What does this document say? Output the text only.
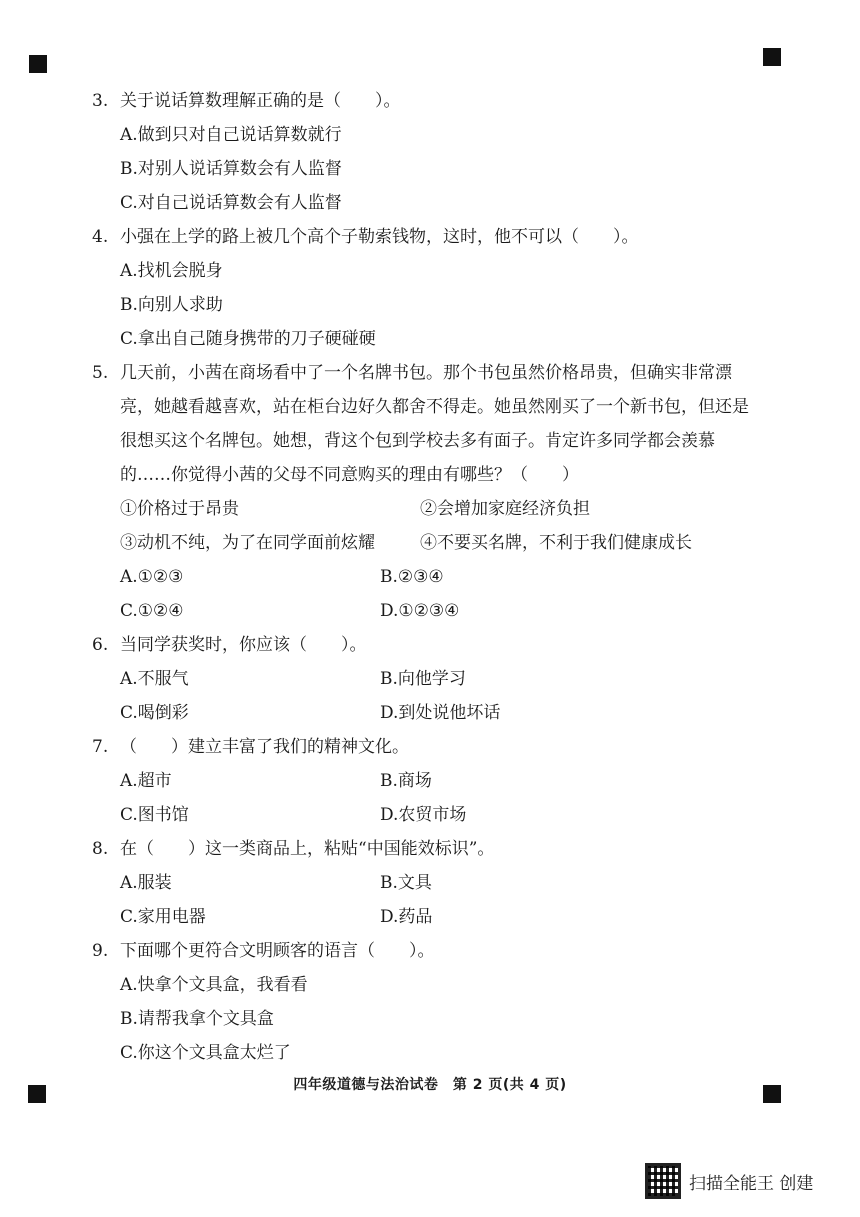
3. 关于说话算数理解正确的是（　　）。
A.做到只对自己说话算数就行
B.对别人说话算数会有人监督
C.对自己说话算数会有人监督
4. 小强在上学的路上被几个高个子勒索钱物，这时，他不可以（　　）。
A.找机会脱身
B.向别人求助
C.拿出自己随身携带的刀子硬碰硬
5. 几天前，小茜在商场看中了一个名牌书包。那个书包虽然价格昂贵，但确实非常漂
亮，她越看越喜欢，站在柜台边好久都舍不得走。她虽然刚买了一个新书包，但还是
很想买这个名牌包。她想，背这个包到学校去多有面子。肯定许多同学都会羡慕
的……你觉得小茜的父母不同意购买的理由有哪些？（　　）
①价格过于昂贵	②会增加家庭经济负担
③动机不纯，为了在同学面前炫耀	④不要买名牌，不利于我们健康成长
A.①②③	B.②③④
C.①②④	D.①②③④
6. 当同学获奖时，你应该（　　）。
A.不服气	B.向他学习
C.喝倒彩	D.到处说他坏话
7. （　　）建立丰富了我们的精神文化。
A.超市	B.商场
C.图书馆	D.农贸市场
8. 在（　　）这一类商品上，粘贴“中国能效标识”。
A.服装	B.文具
C.家用电器	D.药品
9. 下面哪个更符合文明顾客的语言（　　）。
A.快拿个文具盒，我看看
B.请帮我拿个文具盒
C.你这个文具盒太烂了
四年级道德与法治试卷　第 2 页(共 4 页)
扫描全能王 创建
